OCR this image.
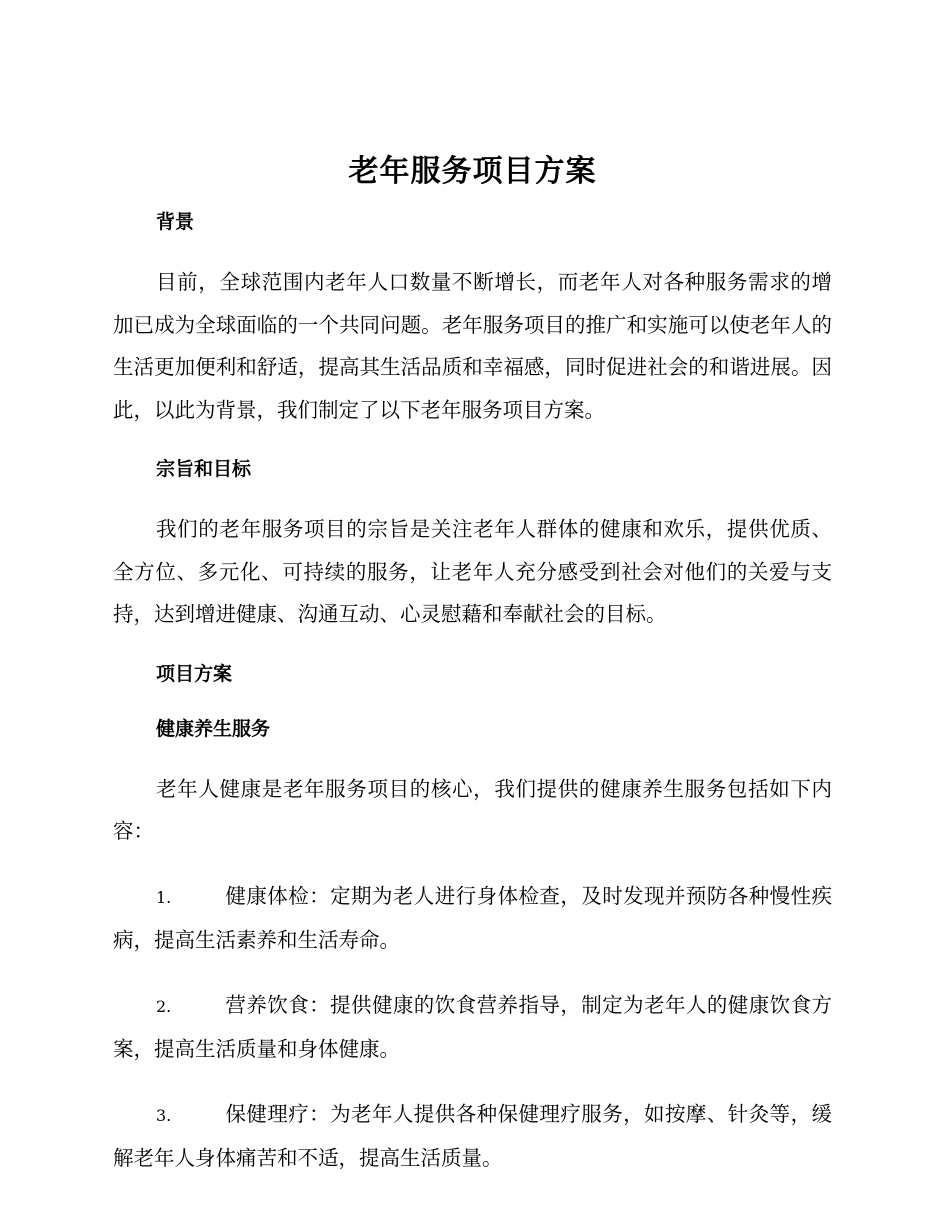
老年服务项目方案
背景

目前，全球范围内老年人口数量不断增长，而老年人对各种服务需求的增加已成为全球面临的一个共同问题。老年服务项目的推广和实施可以使老年人的生活更加便利和舒适，提高其生活品质和幸福感，同时促进社会的和谐进展。因此，以此为背景，我们制定了以下老年服务项目方案。

宗旨和目标

我们的老年服务项目的宗旨是关注老年人群体的健康和欢乐，提供优质、全方位、多元化、可持续的服务，让老年人充分感受到社会对他们的关爱与支持，达到增进健康、沟通互动、心灵慰藉和奉献社会的目标。

项目方案
健康养生服务

老年人健康是老年服务项目的核心，我们提供的健康养生服务包括如下内容：

1.	健康体检：定期为老人进行身体检查，及时发现并预防各种慢性疾病，提高生活素养和生活寿命。

2.	营养饮食：提供健康的饮食营养指导，制定为老年人的健康饮食方案，提高生活质量和身体健康。

3.	保健理疗：为老年人提供各种保健理疗服务，如按摩、针灸等，缓解老年人身体痛苦和不适，提高生活质量。
